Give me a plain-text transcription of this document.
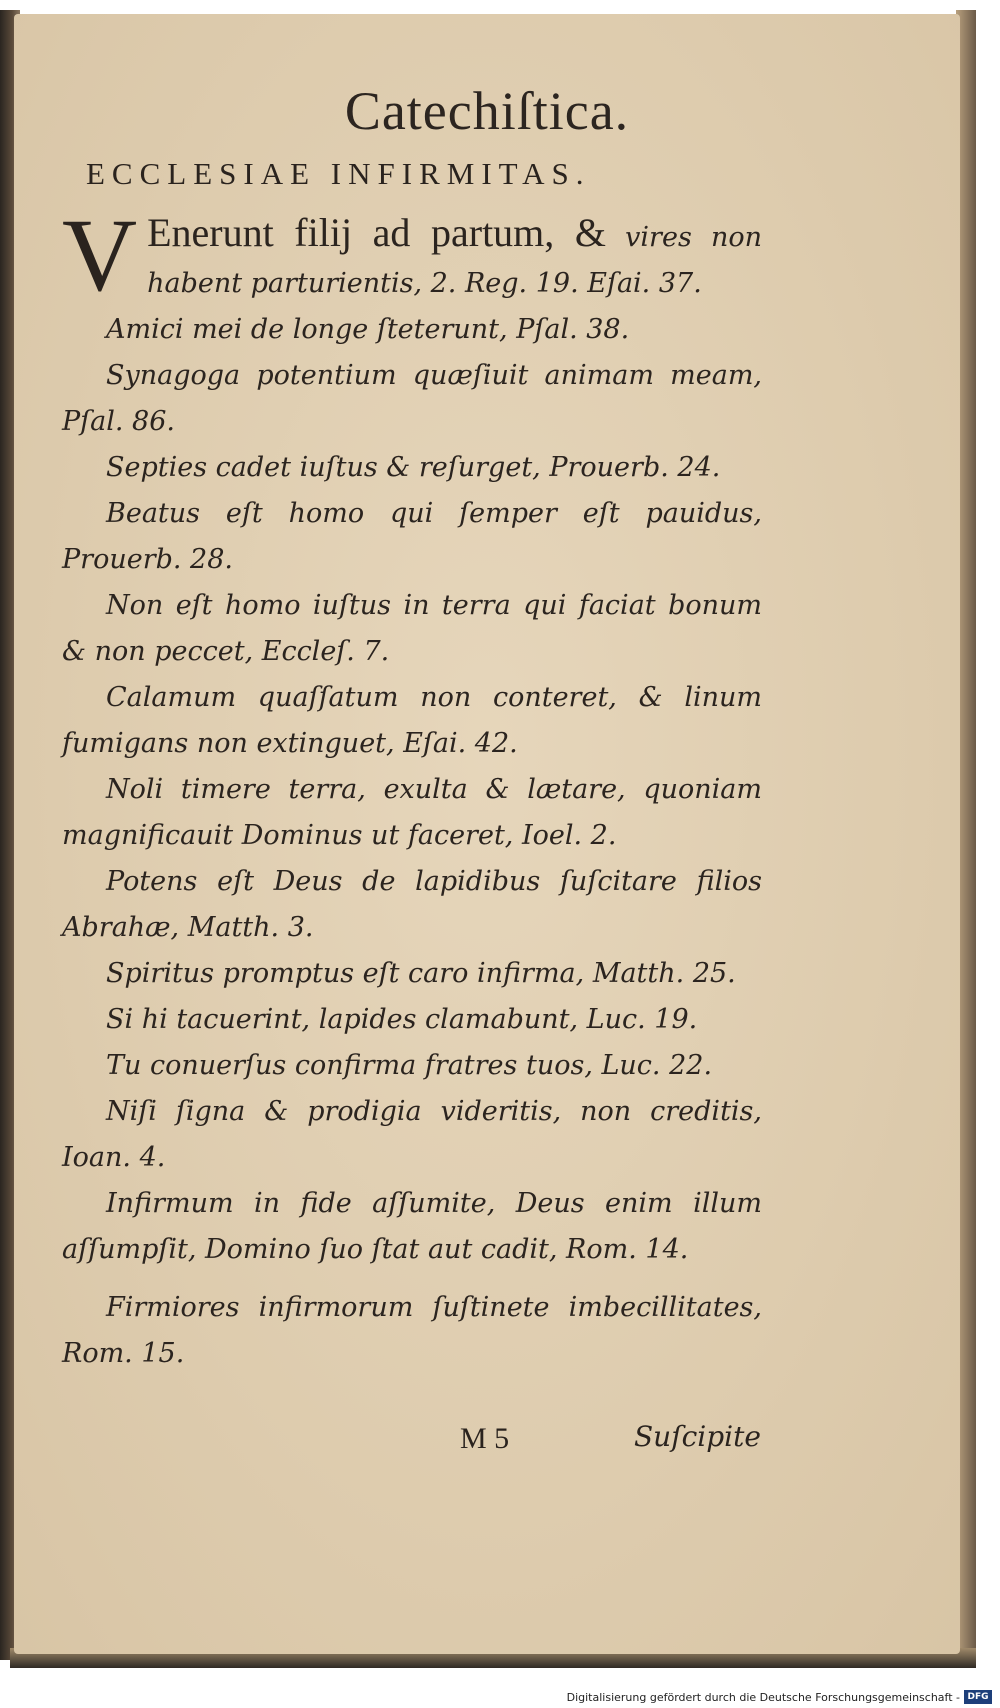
Catechiſtica.
ECCLESIAE INFIRMITAS.

V Enerunt filij ad partum, & vires non habent parturientis, 2. Reg. 19. Eſai. 37.

Amici mei de longe ſteterunt, Pſal. 38.

Synagoga potentium quæſiuit animam meam, Pſal. 86.

Septies cadet iuſtus & reſurget, Prouerb. 24.

Beatus eſt homo qui ſemper eſt pauidus, Prouerb. 28.

Non eſt homo iuſtus in terra qui faciat bonum & non peccet, Eccleſ. 7.

Calamum quaſſatum non conteret, & linum fumigans non extinguet, Eſai. 42.

Noli timere terra, exulta & lætare, quoniam magnificauit Dominus ut faceret, Ioel. 2.

Potens eſt Deus de lapidibus ſuſcitare filios Abrahæ, Matth. 3.

Spiritus promptus eſt caro infirma, Matth. 25.

Si hi tacuerint, lapides clamabunt, Luc. 19.

Tu conuerſus confirma fratres tuos, Luc. 22.

Niſi ſigna & prodigia videritis, non creditis, Ioan. 4.

Infirmum in fide aſſumite, Deus enim illum aſſumpſit, Domino ſuo ſtat aut cadit, Rom. 14.

Firmiores infirmorum ſuſtinete imbecillitates, Rom. 15.

M 5	Suſcipite
Digitalisierung gefördert durch die Deutsche Forschungsgemeinschaft - DFG
